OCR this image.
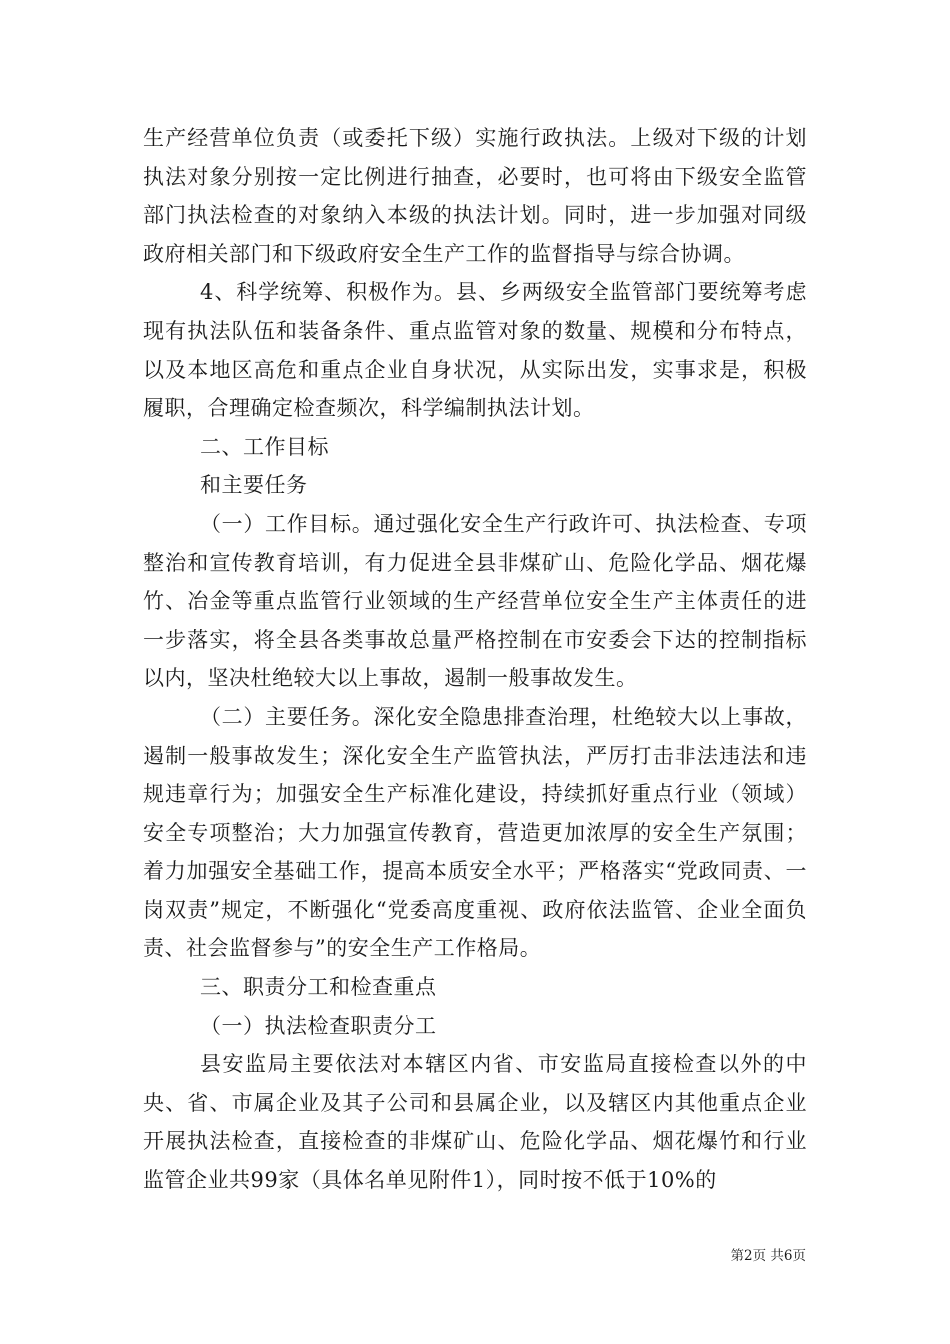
生产经营单位负责（或委托下级）实施行政执法。上级对下级的计划执法对象分别按一定比例进行抽查，必要时，也可将由下级安全监管部门执法检查的对象纳入本级的执法计划。同时，进一步加强对同级政府相关部门和下级政府安全生产工作的监督指导与综合协调。

4、科学统筹、积极作为。县、乡两级安全监管部门要统筹考虑现有执法队伍和装备条件、重点监管对象的数量、规模和分布特点，以及本地区高危和重点企业自身状况，从实际出发，实事求是，积极履职，合理确定检查频次，科学编制执法计划。

二、工作目标

和主要任务

（一）工作目标。通过强化安全生产行政许可、执法检查、专项整治和宣传教育培训，有力促进全县非煤矿山、危险化学品、烟花爆竹、冶金等重点监管行业领域的生产经营单位安全生产主体责任的进一步落实，将全县各类事故总量严格控制在市安委会下达的控制指标以内，坚决杜绝较大以上事故，遏制一般事故发生。

（二）主要任务。深化安全隐患排查治理，杜绝较大以上事故，遏制一般事故发生；深化安全生产监管执法，严厉打击非法违法和违规违章行为；加强安全生产标准化建设，持续抓好重点行业（领域）安全专项整治；大力加强宣传教育，营造更加浓厚的安全生产氛围；着力加强安全基础工作，提高本质安全水平；严格落实“党政同责、一岗双责”规定，不断强化“党委高度重视、政府依法监管、企业全面负责、社会监督参与”的安全生产工作格局。

三、职责分工和检查重点

（一）执法检查职责分工

县安监局主要依法对本辖区内省、市安监局直接检查以外的中央、省、市属企业及其子公司和县属企业，以及辖区内其他重点企业开展执法检查，直接检查的非煤矿山、危险化学品、烟花爆竹和行业监管企业共99家（具体名单见附件1），同时按不低于10%的

第2页 共6页
